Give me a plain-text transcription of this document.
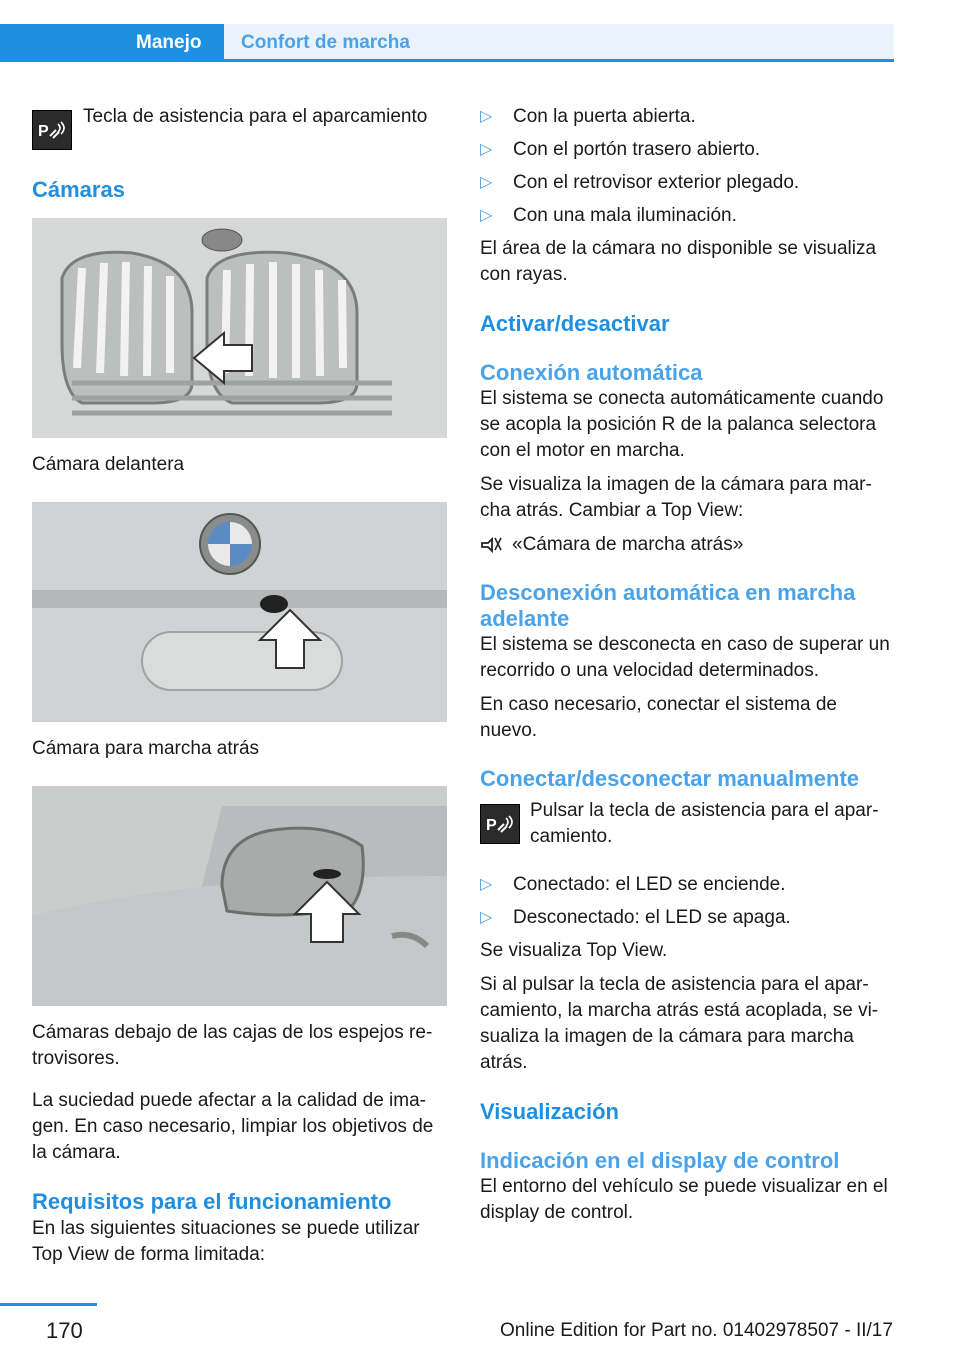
Manejo Confort de marcha
P
Tecla de asistencia para el aparcamiento
Cámaras
Cámara delantera
Cámara para marcha atrás
Cámaras debajo de las cajas de los espejos re-trovisores.
La suciedad puede afectar a la calidad de ima-gen. En caso necesario, limpiar los objetivos de la cámara.
Requisitos para el funcionamiento
En las siguientes situaciones se puede utilizar Top View de forma limitada:
▷ Con la puerta abierta.
▷ Con el portón trasero abierto.
▷ Con el retrovisor exterior plegado.
▷ Con una mala iluminación.
El área de la cámara no disponible se visualiza con rayas.
Activar/desactivar
Conexión automática
El sistema se conecta automáticamente cuando se acopla la posición R de la palanca selectora con el motor en marcha.
Se visualiza la imagen de la cámara para mar-cha atrás. Cambiar a Top View:
«Cámara de marcha atrás»
Desconexión automática en marcha adelante
El sistema se desconecta en caso de superar un recorrido o una velocidad determinados.
En caso necesario, conectar el sistema de nuevo.
Conectar/desconectar manualmente
P
Pulsar la tecla de asistencia para el apar-camiento.
▷ Conectado: el LED se enciende.
▷ Desconectado: el LED se apaga.
Se visualiza Top View.
Si al pulsar la tecla de asistencia para el apar-camiento, la marcha atrás está acoplada, se vi-sualiza la imagen de la cámara para marcha atrás.
Visualización
Indicación en el display de control
El entorno del vehículo se puede visualizar en el display de control.
170	Online Edition for Part no. 01402978507 - II/17
